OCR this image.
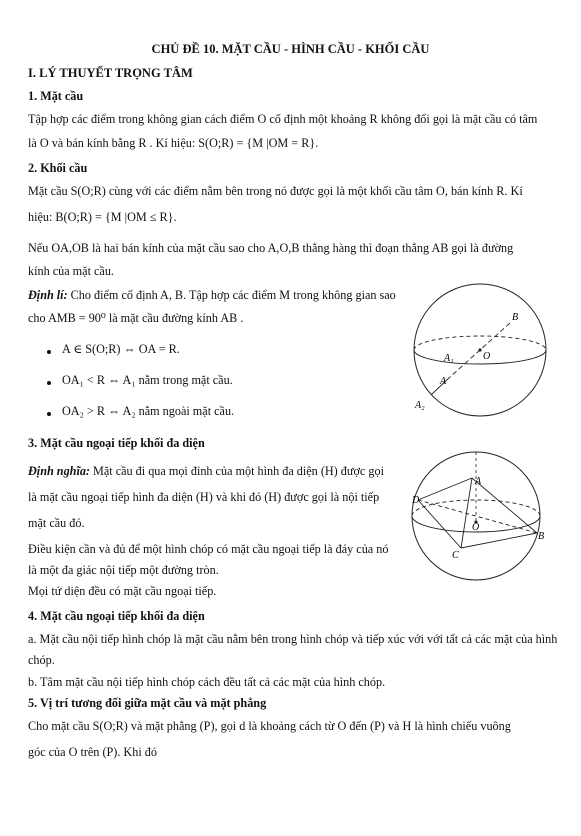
CHỦ ĐỀ 10. MẶT CẦU - HÌNH CẦU - KHỐI CẦU
I. LÝ THUYẾT TRỌNG TÂM
1. Mặt cầu
Tập hợp các điểm trong không gian cách điểm O cố định một khoảng R không đổi gọi là mặt cầu có tâm
là O và bán kính bằng R . Kí hiệu: S(O;R) = {M |OM = R}.
2. Khối cầu
Mặt cầu S(O;R) cùng với các điểm nằm bên trong nó được gọi là một khối cầu tâm O, bán kính R. Kí
hiệu: B(O;R) = {M |OM ≤ R}.
Nếu OA,OB là hai bán kính của mặt cầu sao cho A,O,B thẳng hàng thì đoạn thẳng AB gọi là đường
kính của mặt cầu.
Định lí: Cho điểm cố định A, B. Tập hợp các điểm M trong không gian sao
cho AMB = 90⁰ là mặt cầu đường kính AB .
A ∈ S(O;R) ⇔ OA = R.
OA₁ < R ⇔ A₁ nằm trong mặt cầu.
OA₂ > R ⇔ A₂ nằm ngoài mặt cầu.
B
O
A₁
A
A₂
3. Mặt cầu ngoại tiếp khối đa diện
Định nghĩa: Mặt cầu đi qua mọi đỉnh của một hình đa diện (H) được gọi
là mặt cầu ngoại tiếp hình đa diện (H) và khi đó (H) được gọi là nội tiếp
mặt cầu đó.
Điều kiện cần và đủ để một hình chóp có mặt cầu ngoại tiếp là đáy của nó
là một đa giác nội tiếp một đường tròn.
Mọi tứ diện đều có mặt cầu ngoại tiếp.
A
D
O
B
C
4. Mặt cầu ngoại tiếp khối đa diện
a. Mặt cầu nội tiếp hình chóp là mặt cầu nằm bên trong hình chóp và tiếp xúc với với tất cả các mặt của hình
chóp.
b. Tâm mặt cầu nội tiếp hình chóp cách đều tất cả các mặt của hình chóp.
5. Vị trí tương đối giữa mặt cầu và mặt phẳng
Cho mặt cầu S(O;R) và mặt phẳng (P), gọi d là khoảng cách từ O đến (P) và H là hình chiếu vuông
góc của O trên (P). Khi đó
